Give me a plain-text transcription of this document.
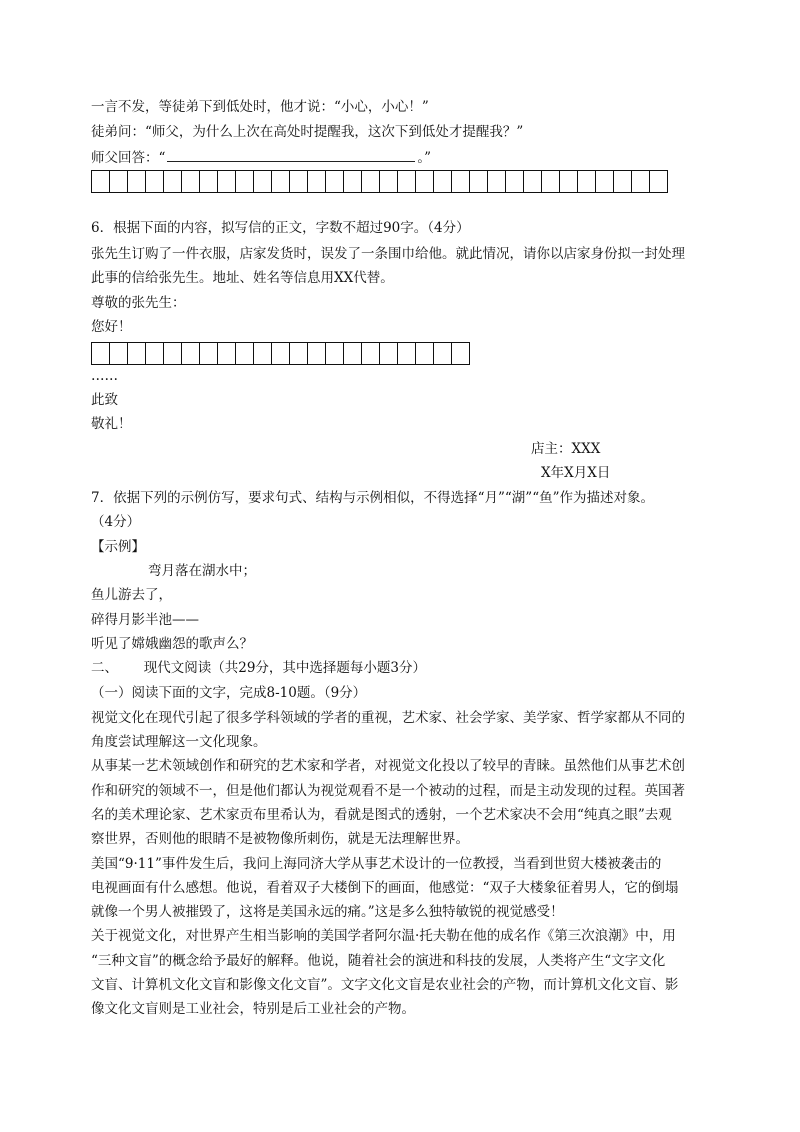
一言不发，等徒弟下到低处时，他才说：“小心，小心！”
徒弟问：“师父，为什么上次在高处时提醒我，这次下到低处才提醒我？”
师父回答：“	。”
6．根据下面的内容，拟写信的正文，字数不超过90字。（4分）
张先生订购了一件衣服，店家发货时，误发了一条围巾给他。就此情况，请你以店家身份拟一封处理
此事的信给张先生。地址、姓名等信息用XX代替。
尊敬的张先生：
您好！
……
此致
敬礼！
店主：XXX
X年X月X日
7．依据下列的示例仿写，要求句式、结构与示例相似，不得选择“月”“湖”“鱼”作为描述对象。
（4分）
【示例】
弯月落在湖水中；
鱼儿游去了，
碎得月影半池——
听见了嫦娥幽怨的歌声么？
二、      现代文阅读（共29分，其中选择题每小题3分）
（一）阅读下面的文字，完成8-10题。（9分）
视觉文化在现代引起了很多学科领域的学者的重视，艺术家、社会学家、美学家、哲学家都从不同的
角度尝试理解这一文化现象。
从事某一艺术领域创作和研究的艺术家和学者，对视觉文化投以了较早的青睐。虽然他们从事艺术创
作和研究的领域不一，但是他们都认为视觉观看不是一个被动的过程，而是主动发现的过程。英国著
名的美术理论家、艺术家贡布里希认为，看就是图式的透射，一个艺术家决不会用“纯真之眼”去观
察世界，否则他的眼睛不是被物像所刺伤，就是无法理解世界。
美国“9·11”事件发生后，我问上海同济大学从事艺术设计的一位教授，当看到世贸大楼被袭击的
电视画面有什么感想。他说，看着双子大楼倒下的画面，他感觉：“双子大楼象征着男人，它的倒塌
就像一个男人被摧毁了，这将是美国永远的痛。”这是多么独特敏锐的视觉感受！
关于视觉文化，对世界产生相当影响的美国学者阿尔温·托夫勒在他的成名作《第三次浪潮》中，用
“三种文盲”的概念给予最好的解释。他说，随着社会的演进和科技的发展，人类将产生“文字文化
文盲、计算机文化文盲和影像文化文盲”。文字文化文盲是农业社会的产物，而计算机文化文盲、影
像文化文盲则是工业社会，特别是后工业社会的产物。
